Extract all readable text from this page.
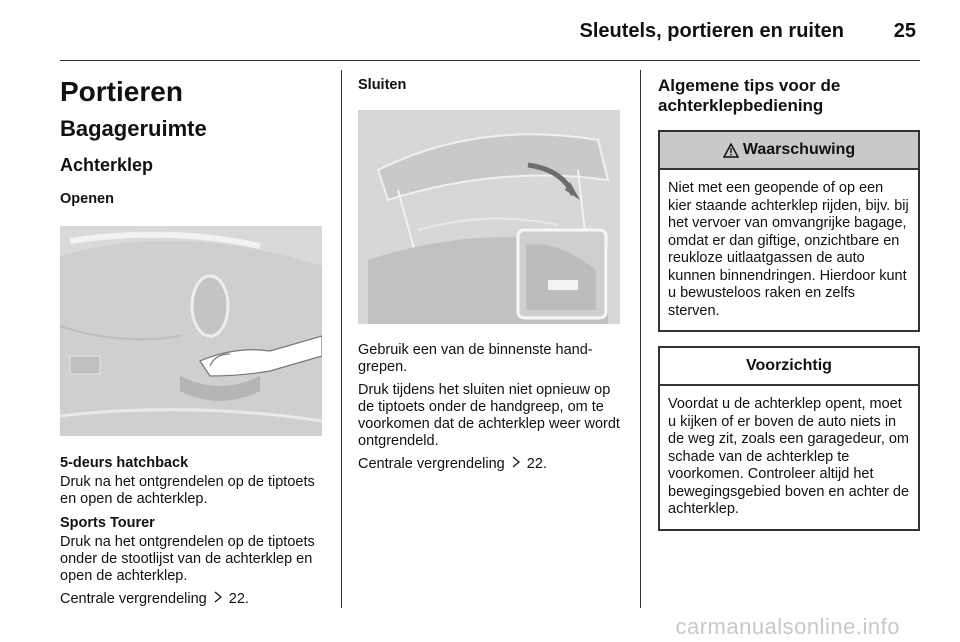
Sleutels, portieren en ruiten 25
Portieren
Bagageruimte
Achterklep
Openen
5-deurs hatchback

Druk na het ontgrendelen op de tiptoets en open de achterklep.

Sports Tourer

Druk na het ontgrendelen op de tiptoets onder de stootlijst van de achterklep en open de achterklep.

Centrale vergrendeling 22.

Sluiten

Gebruik een van de binnenste handgrepen.

Druk tijdens het sluiten niet opnieuw op de tiptoets onder de handgreep, om te voorkomen dat de achterklep weer wordt ontgrendeld.

Centrale vergrendeling 22.

Algemene tips voor de achterklepbediening
Waarschuwing
Niet met een geopende of op een kier staande achterklep rijden, bijv. bij het vervoer van omvangrijke bagage, omdat er dan giftige, onzichtbare en reukloze uitlaatgassen de auto kunnen binnendringen. Hierdoor kunt u bewusteloos raken en zelfs sterven.
Voorzichtig
Voordat u de achterklep opent, moet u kijken of er boven de auto niets in de weg zit, zoals een garagedeur, om schade van de achterklep te voorkomen. Controleer altijd het bewegingsgebied boven en achter de achterklep.
carmanualsonline.info
